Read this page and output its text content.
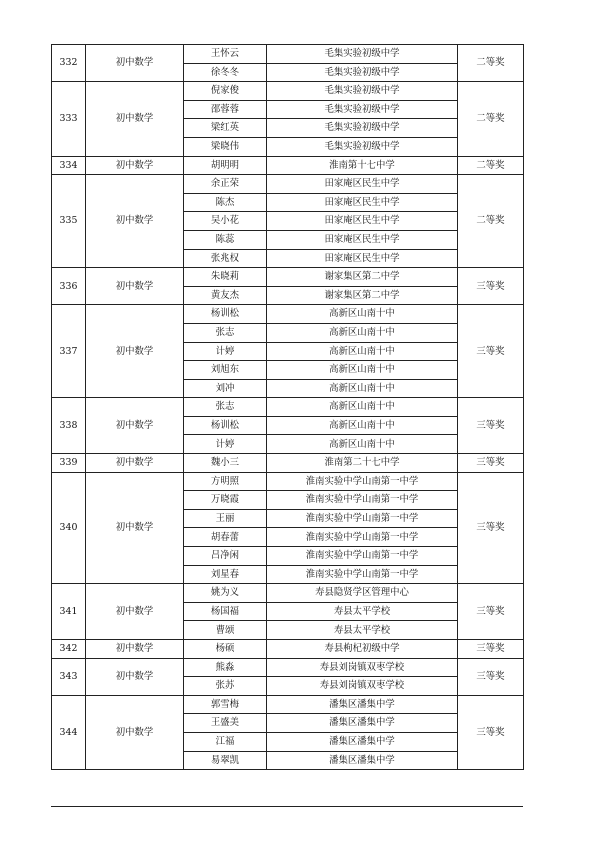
332	初中数学	王怀云	毛集实验初级中学	二等奖
		徐冬冬	毛集实验初级中学	
333	初中数学	倪家俊	毛集实验初级中学	二等奖
		邵蓉蓉	毛集实验初级中学	
		梁红英	毛集实验初级中学	
		梁晓伟	毛集实验初级中学	
334	初中数学	胡明明	淮南第十七中学	二等奖
335	初中数学	余正荣	田家庵区民生中学	二等奖
		陈杰	田家庵区民生中学	
		吴小花	田家庵区民生中学	
		陈蕊	田家庵区民生中学	
		张兆权	田家庵区民生中学	
336	初中数学	朱晓莉	谢家集区第二中学	三等奖
		黄友杰	谢家集区第二中学	
337	初中数学	杨训松	高新区山南十中	三等奖
		张志	高新区山南十中	
		计婷	高新区山南十中	
		刘旭东	高新区山南十中	
		刘冲	高新区山南十中	
338	初中数学	张志	高新区山南十中	三等奖
		杨训松	高新区山南十中	
		计婷	高新区山南十中	
339	初中数学	魏小三	淮南第二十七中学	三等奖
340	初中数学	方明照	淮南实验中学山南第一中学	三等奖
		万晓霞	淮南实验中学山南第一中学	
		王丽	淮南实验中学山南第一中学	
		胡春蕾	淮南实验中学山南第一中学	
		吕净闲	淮南实验中学山南第一中学	
		刘星春	淮南实验中学山南第一中学	
341	初中数学	姚为义	寿县隐贤学区管理中心	三等奖
		杨国福	寿县太平学校	
		曹颂	寿县太平学校	
342	初中数学	杨硕	寿县枸杞初级中学	三等奖
343	初中数学	熊淼	寿县刘岗镇双枣学校	三等奖
		张苏	寿县刘岗镇双枣学校	
344	初中数学	郭雪梅	潘集区潘集中学	三等奖
		王盛美	潘集区潘集中学	
		江福	潘集区潘集中学	
		易翠凯	潘集区潘集中学	
